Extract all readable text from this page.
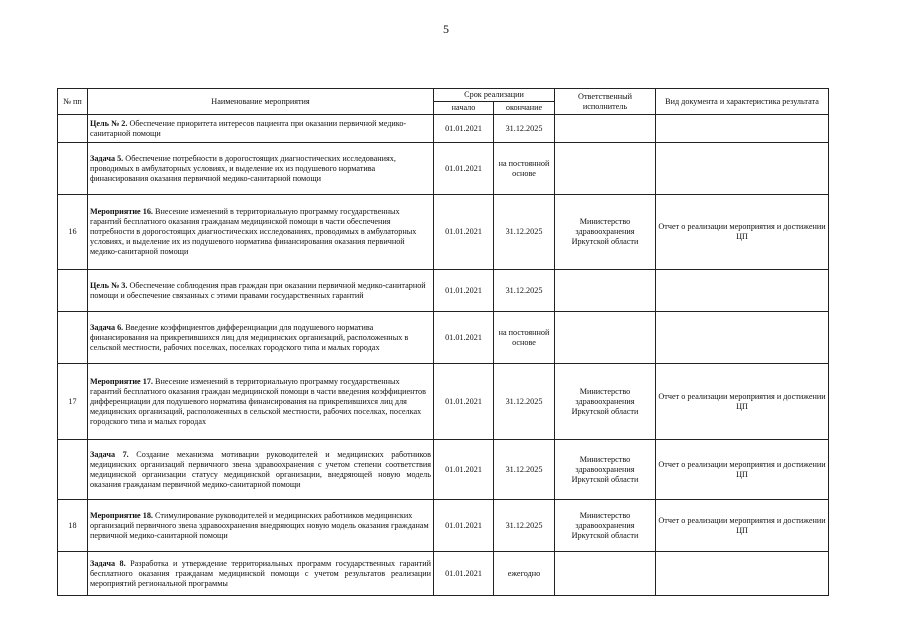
5
№ пп	Наименование мероприятия	Срок реализации		Ответственный исполнитель	Вид документа и характеристика результата
		начало	окончание		
	Цель № 2. Обеспечение приоритета интересов пациента при оказании первичной медико-санитарной помощи	01.01.2021	31.12.2025		
	Задача 5. Обеспечение потребности в дорогостоящих диагностических исследованиях, проводимых в амбулаторных условиях, и выделение их из подушевого норматива финансирования оказания первичной медико-санитарной помощи	01.01.2021	на постоянной основе		
16	Мероприятие 16. Внесение изменений в территориальную программу государственных гарантий бесплатного оказания гражданам медицинской помощи в части обеспечения потребности в дорогостоящих диагностических исследованиях, проводимых в амбулаторных условиях, и выделение их из подушевого норматива финансирования оказания первичной медико-санитарной помощи	01.01.2021	31.12.2025	Министерство здравоохранения Иркутской области	Отчет о реализации мероприятия и достижении ЦП
	Цель № 3. Обеспечение соблюдения прав граждан при оказании первичной медико-санитарной помощи и обеспечение связанных с этими правами государственных гарантий	01.01.2021	31.12.2025		
	Задача 6. Введение коэффициентов дифференциации для подушевого норматива финансирования на прикрепившихся лиц для медицинских организаций, расположенных в сельской местности, рабочих поселках, поселках городского типа и малых городах	01.01.2021	на постоянной основе		
17	Мероприятие 17. Внесение изменений в территориальную программу государственных гарантий бесплатного оказания граждан медицинской помощи в части введения коэффициентов дифференциации для подушевого норматива финансирования на прикрепившихся лиц для медицинских организаций, расположенных в сельской местности, рабочих поселках, поселках городского типа и малых городах	01.01.2021	31.12.2025	Министерство здравоохранения Иркутской области	Отчет о реализации мероприятия и достижении ЦП
	Задача 7. Создание механизма мотивации руководителей и медицинских работников медицинских организаций первичного звена здравоохранения с учетом степени соответствия медицинской организации статусу медицинской организации, внедряющей новую модель оказания гражданам первичной медико-санитарной помощи	01.01.2021	31.12.2025	Министерство здравоохранения Иркутской области	Отчет о реализации мероприятия и достижении ЦП
18	Мероприятие 18. Стимулирование руководителей и медицинских работников медицинских организаций первичного звена здравоохранения внедряющих новую модель оказания гражданам первичной медико-санитарной помощи	01.01.2021	31.12.2025	Министерство здравоохранения Иркутской области	Отчет о реализации мероприятия и достижении ЦП
	Задача 8. Разработка и утверждение территориальных программ государственных гарантий бесплатного оказания гражданам медицинской помощи с учетом результатов реализации мероприятий региональной программы	01.01.2021	ежегодно		
